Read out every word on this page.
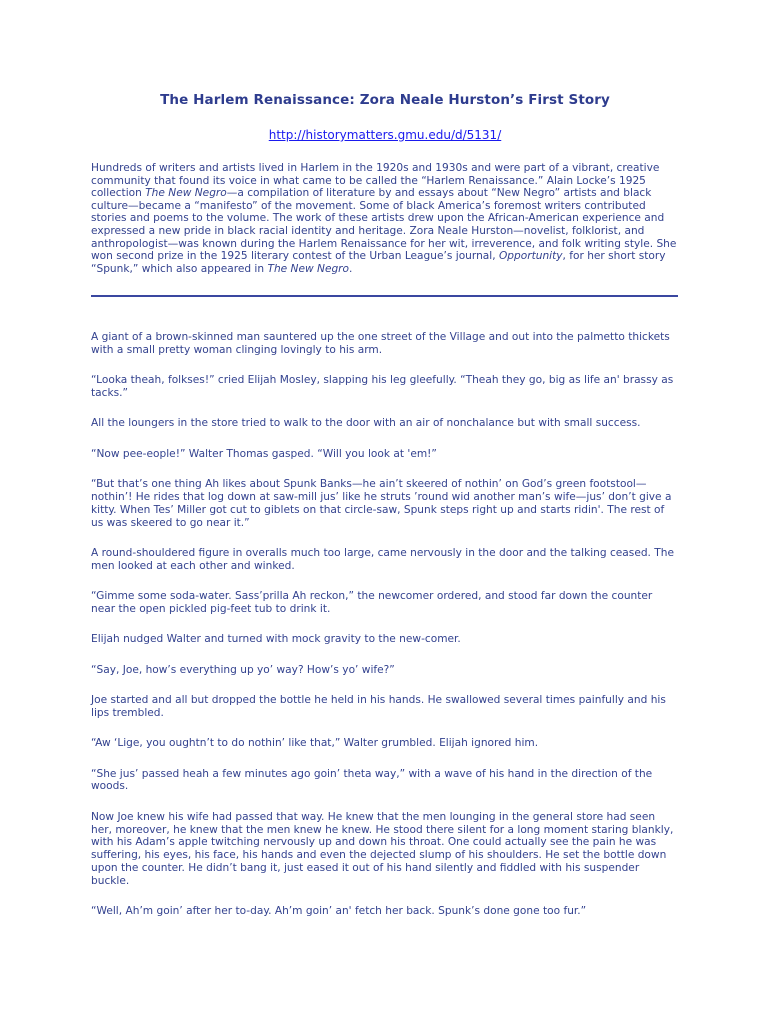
The Harlem Renaissance: Zora Neale Hurston’s First Story

http://historymatters.gmu.edu/d/5131/

Hundreds of writers and artists lived in Harlem in the 1920s and 1930s and were part of a vibrant, creative community that found its voice in what came to be called the “Harlem Renaissance.” Alain Locke’s 1925 collection The New Negro—a compilation of literature by and essays about “New Negro” artists and black culture—became a “manifesto” of the movement. Some of black America’s foremost writers contributed stories and poems to the volume. The work of these artists drew upon the African-American experience and expressed a new pride in black racial identity and heritage. Zora Neale Hurston—novelist, folklorist, and anthropologist—was known during the Harlem Renaissance for her wit, irreverence, and folk writing style. She won second prize in the 1925 literary contest of the Urban League’s journal, Opportunity, for her short story “Spunk,” which also appeared in The New Negro.

A giant of a brown-skinned man sauntered up the one street of the Village and out into the palmetto thickets with a small pretty woman clinging lovingly to his arm.

“Looka theah, folkses!” cried Elijah Mosley, slapping his leg gleefully. “Theah they go, big as life an' brassy as tacks.”

All the loungers in the store tried to walk to the door with an air of nonchalance but with small success.

“Now pee-eople!” Walter Thomas gasped. “Will you look at 'em!”

“But that’s one thing Ah likes about Spunk Banks—he ain’t skeered of nothin’ on God’s green footstool—nothin’! He rides that log down at saw-mill jus’ like he struts ’round wid another man’s wife—jus’ don’t give a kitty. When Tes’ Miller got cut to giblets on that circle-saw, Spunk steps right up and starts ridin'. The rest of us was skeered to go near it.”

A round-shouldered figure in overalls much too large, came nervously in the door and the talking ceased. The men looked at each other and winked.

“Gimme some soda-water. Sass’prilla Ah reckon,” the newcomer ordered, and stood far down the counter near the open pickled pig-feet tub to drink it.

Elijah nudged Walter and turned with mock gravity to the new-comer.

“Say, Joe, how’s everything up yo’ way? How’s yo’ wife?”

Joe started and all but dropped the bottle he held in his hands. He swallowed several times painfully and his lips trembled.

“Aw ‘Lige, you oughtn’t to do nothin’ like that,” Walter grumbled. Elijah ignored him.

“She jus’ passed heah a few minutes ago goin’ theta way,” with a wave of his hand in the direction of the woods.

Now Joe knew his wife had passed that way. He knew that the men lounging in the general store had seen her, moreover, he knew that the men knew he knew. He stood there silent for a long moment staring blankly, with his Adam’s apple twitching nervously up and down his throat. One could actually see the pain he was suffering, his eyes, his face, his hands and even the dejected slump of his shoulders. He set the bottle down upon the counter. He didn’t bang it, just eased it out of his hand silently and fiddled with his suspender buckle.

“Well, Ah’m goin’ after her to-day. Ah’m goin’ an' fetch her back. Spunk’s done gone too fur.”
